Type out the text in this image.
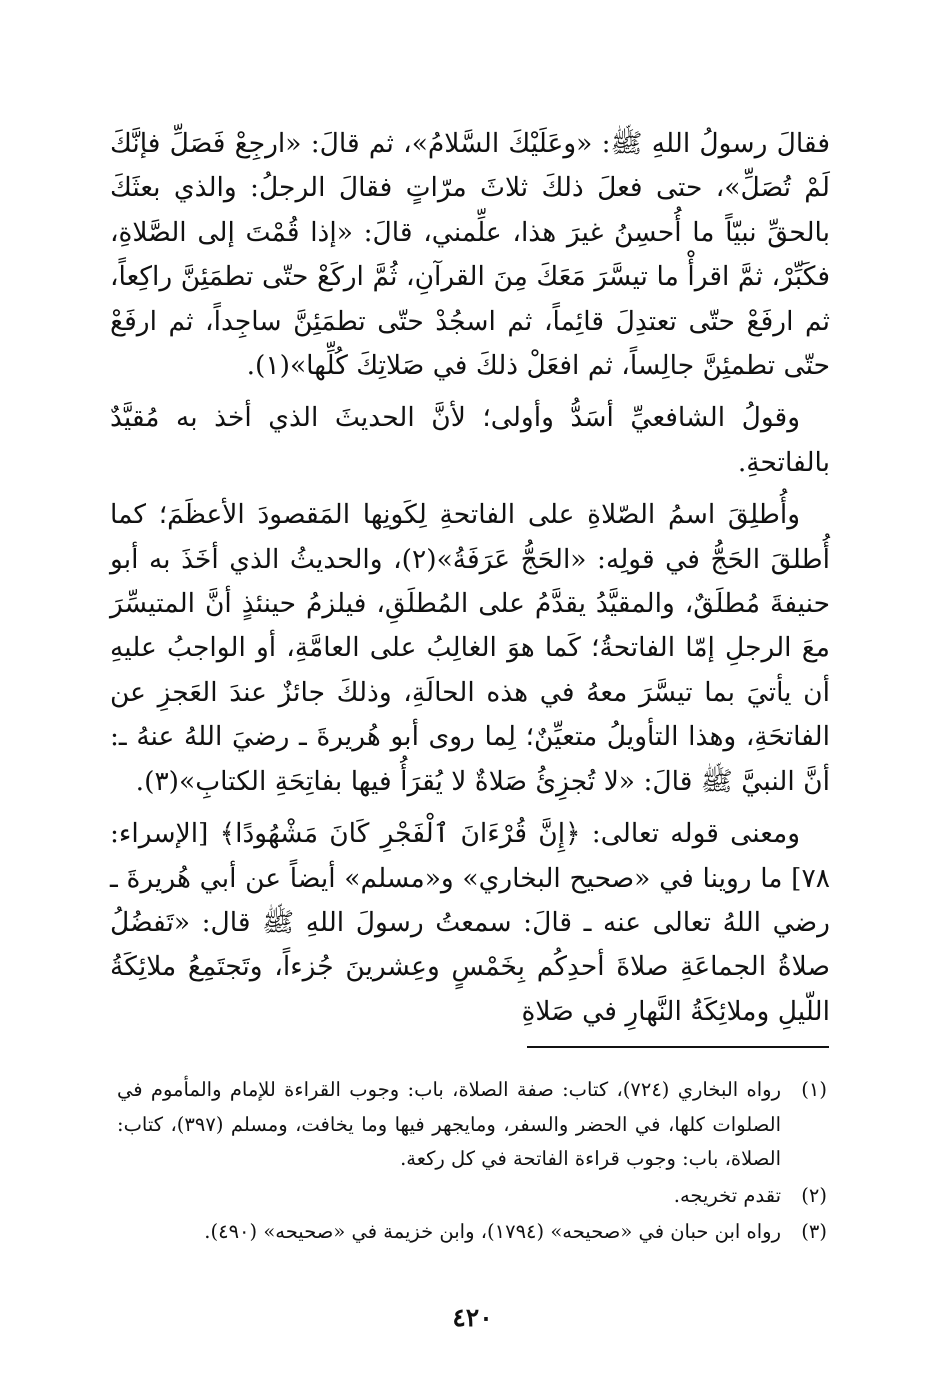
فقالَ رسولُ اللهِ ﷺ: «وعَلَيْكَ السَّلامُ»، ثم قالَ: «ارجِعْ فَصَلِّ فإنَّكَ لَمْ تُصَلِّ»، حتى فعلَ ذلكَ ثلاثَ مرّاتٍ فقالَ الرجلُ: والذي بعثَكَ بالحقِّ نبيّاً ما أُحسِنُ غيرَ هذا، علِّمني، قالَ: «إذا قُمْتَ إلى الصَّلاةِ، فكَبِّرْ، ثمَّ اقرأْ ما تيسَّرَ مَعَكَ مِنَ القرآنِ، ثُمَّ اركَعْ حتّى تطمَئِنَّ راكِعاً، ثم ارفَعْ حتّى تعتدِلَ قائِماً، ثم اسجُدْ حتّى تطمَئِنَّ ساجِداً، ثم ارفَعْ حتّى تطمئِنَّ جالِساً، ثم افعَلْ ذلكَ في صَلاتِكَ كُلِّها»(١).

وقولُ الشافعيِّ أسَدُّ وأولى؛ لأنَّ الحديثَ الذي أخذ به مُقيَّدٌ بالفاتحةِ.

وأُطلِقَ اسمُ الصّلاةِ على الفاتحةِ لِكَونِها المَقصودَ الأعظَمَ؛ كما أُطلقَ الحَجُّ في قولِه: «الحَجُّ عَرَفَةُ»(٢)، والحديثُ الذي أخَذَ به أبو حنيفةَ مُطلَقٌ، والمقيَّدُ يقدَّمُ على المُطلَقِ، فيلزمُ حينئذٍ أنَّ المتيسِّرَ معَ الرجلِ إمّا الفاتحةُ؛ كَما هوَ الغالِبُ على العامَّةِ، أو الواجبُ عليهِ أن يأتيَ بما تيسَّرَ معهُ في هذه الحالَةِ، وذلكَ جائزٌ عندَ العَجزِ عن الفاتحَةِ، وهذا التأويلُ متعيِّنٌ؛ لِما روى أبو هُريرةَ ـ رضيَ اللهُ عنهُ ـ: أنَّ النبيَّ ﷺ قالَ: «لا تُجزِئُ صَلاةٌ لا يُقرَأُ فيها بفاتِحَةِ الكتابِ»(٣).

ومعنى قوله تعالى: ﴿إِنَّ قُرْءَانَ ٱلْفَجْرِ كَانَ مَشْهُودًا﴾ [الإسراء: ٧٨] ما روينا في «صحيح البخاري» و«مسلم» أيضاً عن أبي هُريرةَ ـ رضي اللهُ تعالى عنه ـ قالَ: سمعتُ رسولَ اللهِ ﷺ قال: «تَفضُلُ صلاةُ الجماعَةِ صلاةَ أحدِكُم بِخَمْسٍ وعِشرينَ جُزءاً، وتَجتَمِعُ ملائِكَةُ اللّيلِ وملائِكَةُ النَّهارِ في صَلاةِ

(١)
رواه البخاري (٧٢٤)، كتاب: صفة الصلاة، باب: وجوب القراءة للإمام والمأموم في الصلوات كلها، في الحضر والسفر، ومايجهر فيها وما يخافت، ومسلم (٣٩٧)، كتاب: الصلاة، باب: وجوب قراءة الفاتحة في كل ركعة.
(٢)
تقدم تخريجه.
(٣)
رواه ابن حبان في «صحيحه» (١٧٩٤)، وابن خزيمة في «صحيحه» (٤٩٠).
٤٢٠
